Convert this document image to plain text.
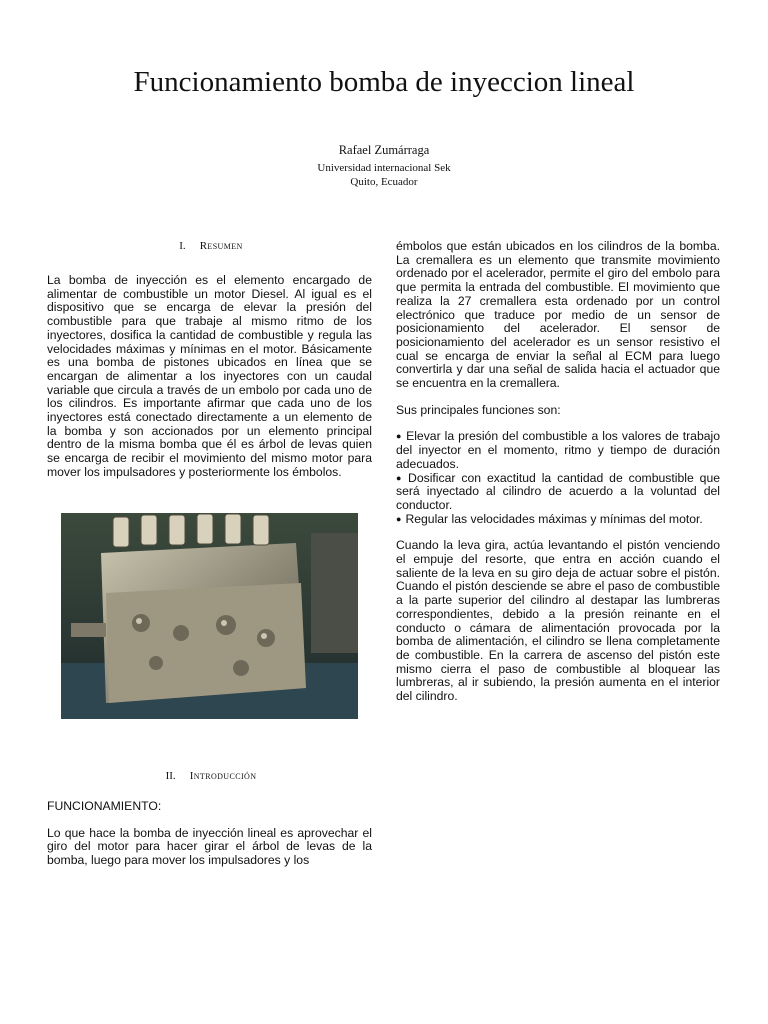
Funcionamiento bomba de inyeccion lineal
Rafael Zumárraga
Universidad internacional Sek
Quito, Ecuador
I. Resumen

La bomba de inyección es el elemento encargado de alimentar de combustible un motor Diesel. Al igual es el dispositivo que se encarga de elevar la presión del combustible para que trabaje al mismo ritmo de los inyectores, dosifica la cantidad de combustible y regula las velocidades máximas y mínimas en el motor. Básicamente es una bomba de pistones ubicados en línea que se encargan de alimentar a los inyectores con un caudal variable que circula a través de un embolo por cada uno de los cilindros. Es importante afirmar que cada uno de los inyectores está conectado directamente a un elemento de la bomba y son accionados por un elemento principal dentro de la misma bomba que él es árbol de levas quien se encarga de recibir el movimiento del mismo motor para mover los impulsadores y posteriormente los émbolos.

II. Introducción

FUNCIONAMIENTO:

Lo que hace la bomba de inyección lineal es aprovechar el giro del motor para hacer girar el árbol de levas de la bomba, luego para mover los impulsadores y los

émbolos que están ubicados en los cilindros de la bomba. La cremallera es un elemento que transmite movimiento ordenado por el acelerador, permite el giro del embolo para que permita la entrada del combustible. El movimiento que realiza la 27 cremallera esta ordenado por un control electrónico que traduce por medio de un sensor de posicionamiento del acelerador. El sensor de posicionamiento del acelerador es un sensor resistivo el cual se encarga de enviar la señal al ECM para luego convertirla y dar una señal de salida hacia el actuador que se encuentra en la cremallera.

Sus principales funciones son:

● Elevar la presión del combustible a los valores de trabajo del inyector en el momento, ritmo y tiempo de duración adecuados.
● Dosificar con exactitud la cantidad de combustible que será inyectado al cilindro de acuerdo a la voluntad del conductor.
● Regular las velocidades máximas y mínimas del motor.

Cuando la leva gira, actúa levantando el pistón venciendo el empuje del resorte, que entra en acción cuando el saliente de la leva en su giro deja de actuar sobre el pistón. Cuando el pistón desciende se abre el paso de combustible a la parte superior del cilindro al destapar las lumbreras correspondientes, debido a la presión reinante en el conducto o cámara de alimentación provocada por la bomba de alimentación, el cilindro se llena completamente de combustible. En la carrera de ascenso del pistón este mismo cierra el paso de combustible al bloquear las lumbreras, al ir subiendo, la presión aumenta en el interior del cilindro.
